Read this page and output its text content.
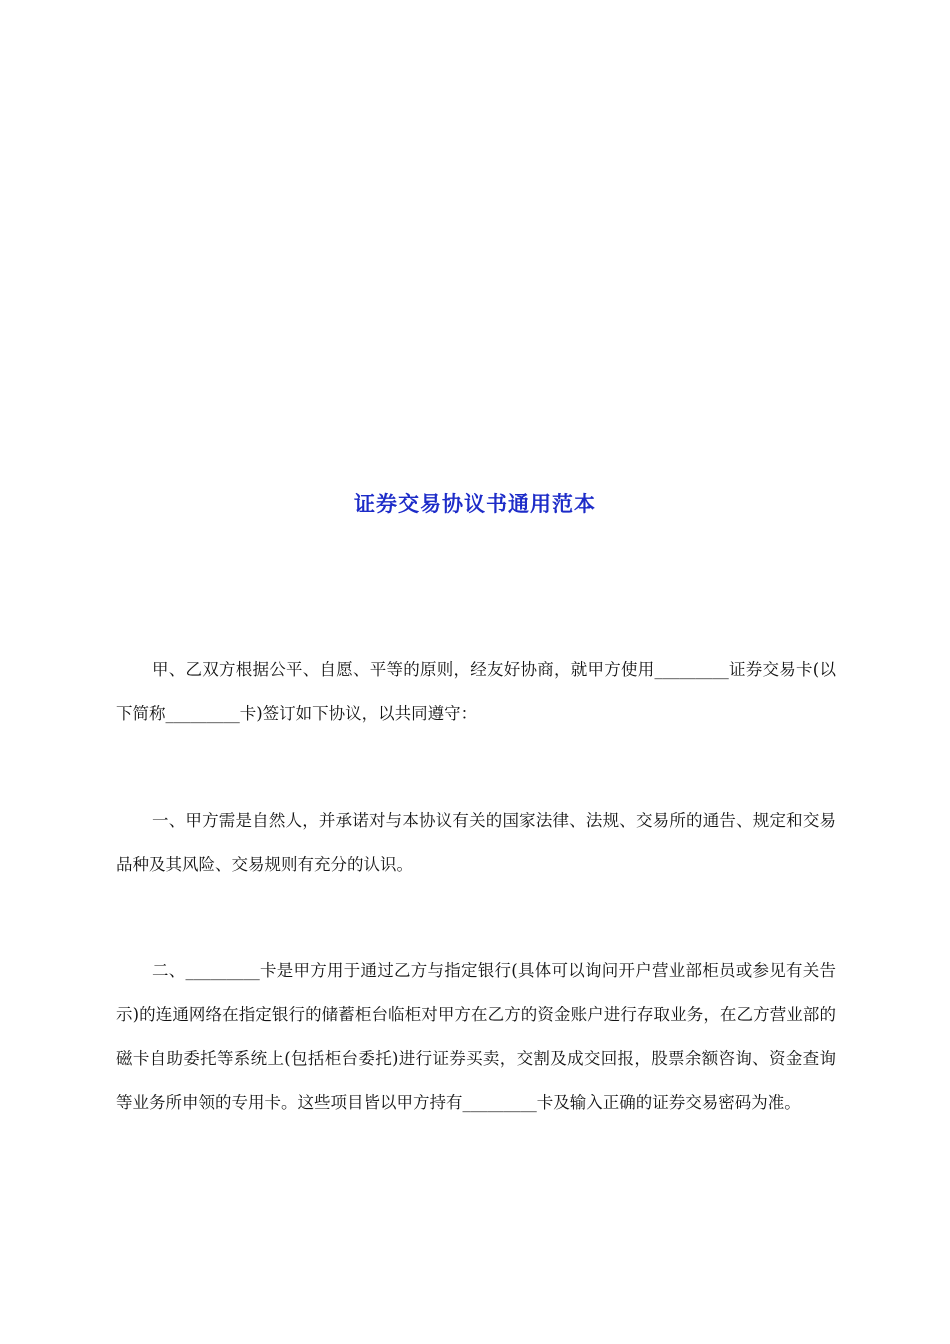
证券交易协议书通用范本

甲、乙双方根据公平、自愿、平等的原则，经友好协商，就甲方使用_________证券交易卡(以下简称_________卡)签订如下协议，以共同遵守：

一、甲方需是自然人，并承诺对与本协议有关的国家法律、法规、交易所的通告、规定和交易品种及其风险、交易规则有充分的认识。

二、_________卡是甲方用于通过乙方与指定银行(具体可以询问开户营业部柜员或参见有关告示)的连通网络在指定银行的储蓄柜台临柜对甲方在乙方的资金账户进行存取业务，在乙方营业部的磁卡自助委托等系统上(包括柜台委托)进行证券买卖，交割及成交回报，股票余额咨询、资金查询等业务所申领的专用卡。这些项目皆以甲方持有_________卡及输入正确的证券交易密码为准。
